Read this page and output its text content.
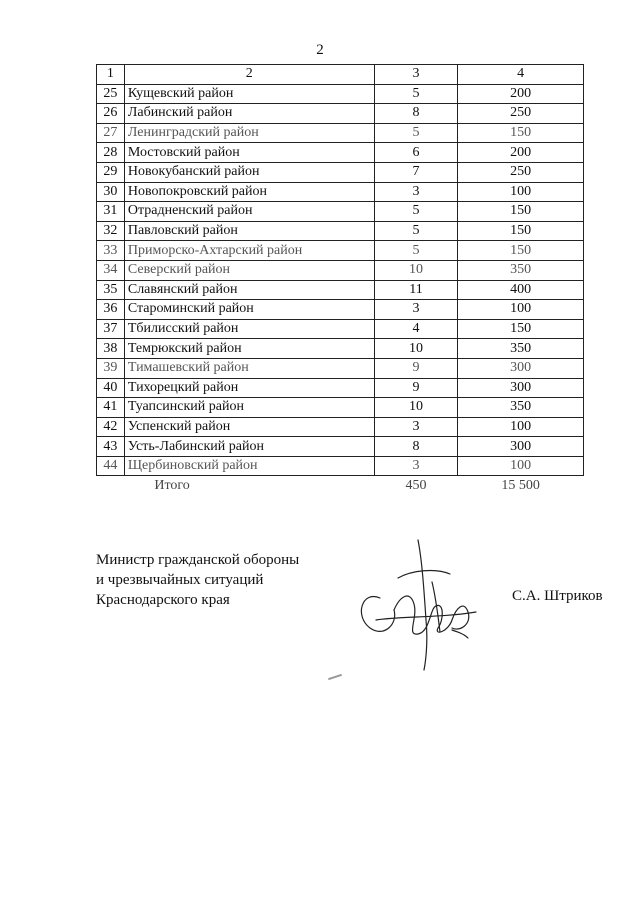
2
1	2	3	4
25	Кущевский район	5	200
26	Лабинский район	8	250
27	Ленинградский район	5	150
28	Мостовский район	6	200
29	Новокубанский район	7	250
30	Новопокровский район	3	100
31	Отрадненский район	5	150
32	Павловский район	5	150
33	Приморско-Ахтарский район	5	150
34	Северский район	10	350
35	Славянский район	11	400
36	Староминский район	3	100
37	Тбилисский район	4	150
38	Темрюкский район	10	350
39	Тимашевский район	9	300
40	Тихорецкий район	9	300
41	Туапсинский район	10	350
42	Успенский район	3	100
43	Усть-Лабинский район	8	300
44	Щербиновский район	3	100
	Итого	450	15 500
Министр гражданской обороны
и чрезвычайных ситуаций
Краснодарского края	С.А. Штриков
